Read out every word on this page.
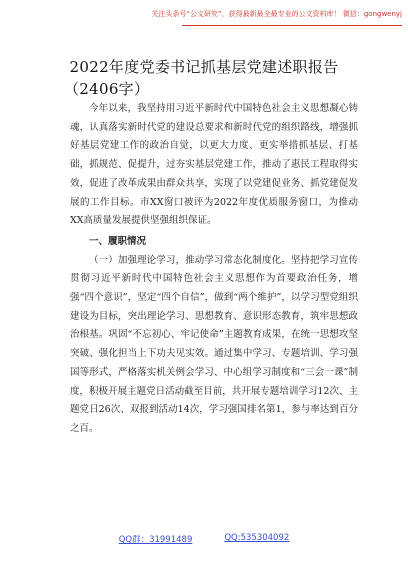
关注头条号“公文研究”，获得最新最全最专业的公文资料库！ 微信：gongwenyj
2022年度党委书记抓基层党建述职报告
（2406字）

今年以来，我坚持用习近平新时代中国特色社会主义思想凝心铸魂，认真落实新时代党的建设总要求和新时代党的组织路线，增强抓好基层党建工作的政治自觉，以更大力度、更实举措抓基层、打基础，抓规范、促提升，过夯实基层党建工作，推动了惠民工程取得实效，促进了改革成果由群众共享，实现了以党建促业务、抓党建促发展的工作目标。市XX窗口被评为2022年度优质服务窗口，为推动XX高质量发展提供坚强组织保证。

一、履职情况

（一）加强理论学习，推动学习常态化制度化。坚持把学习宣传贯彻习近平新时代中国特色社会主义思想作为首要政治任务，增强“四个意识”，坚定“四个自信”，做到“两个维护”，以学习型党组织建设为目标，突出理论学习、思想教育、意识形态教育，筑牢思想政治根基。巩固“不忘初心、牢记使命”主题教育成果，在统一思想攻坚突破、强化担当上下功夫见实效。通过集中学习、专题培训、学习强国等形式，严格落实机关例会学习、中心组学习制度和“三会一课”制度，积极开展主题党日活动截至目前，共开展专题培训学习12次、主题党日26次、双报到活动14次，学习强国排名第1，参与率达到百分之百。

QQ群：31991489	QQ:535304092
